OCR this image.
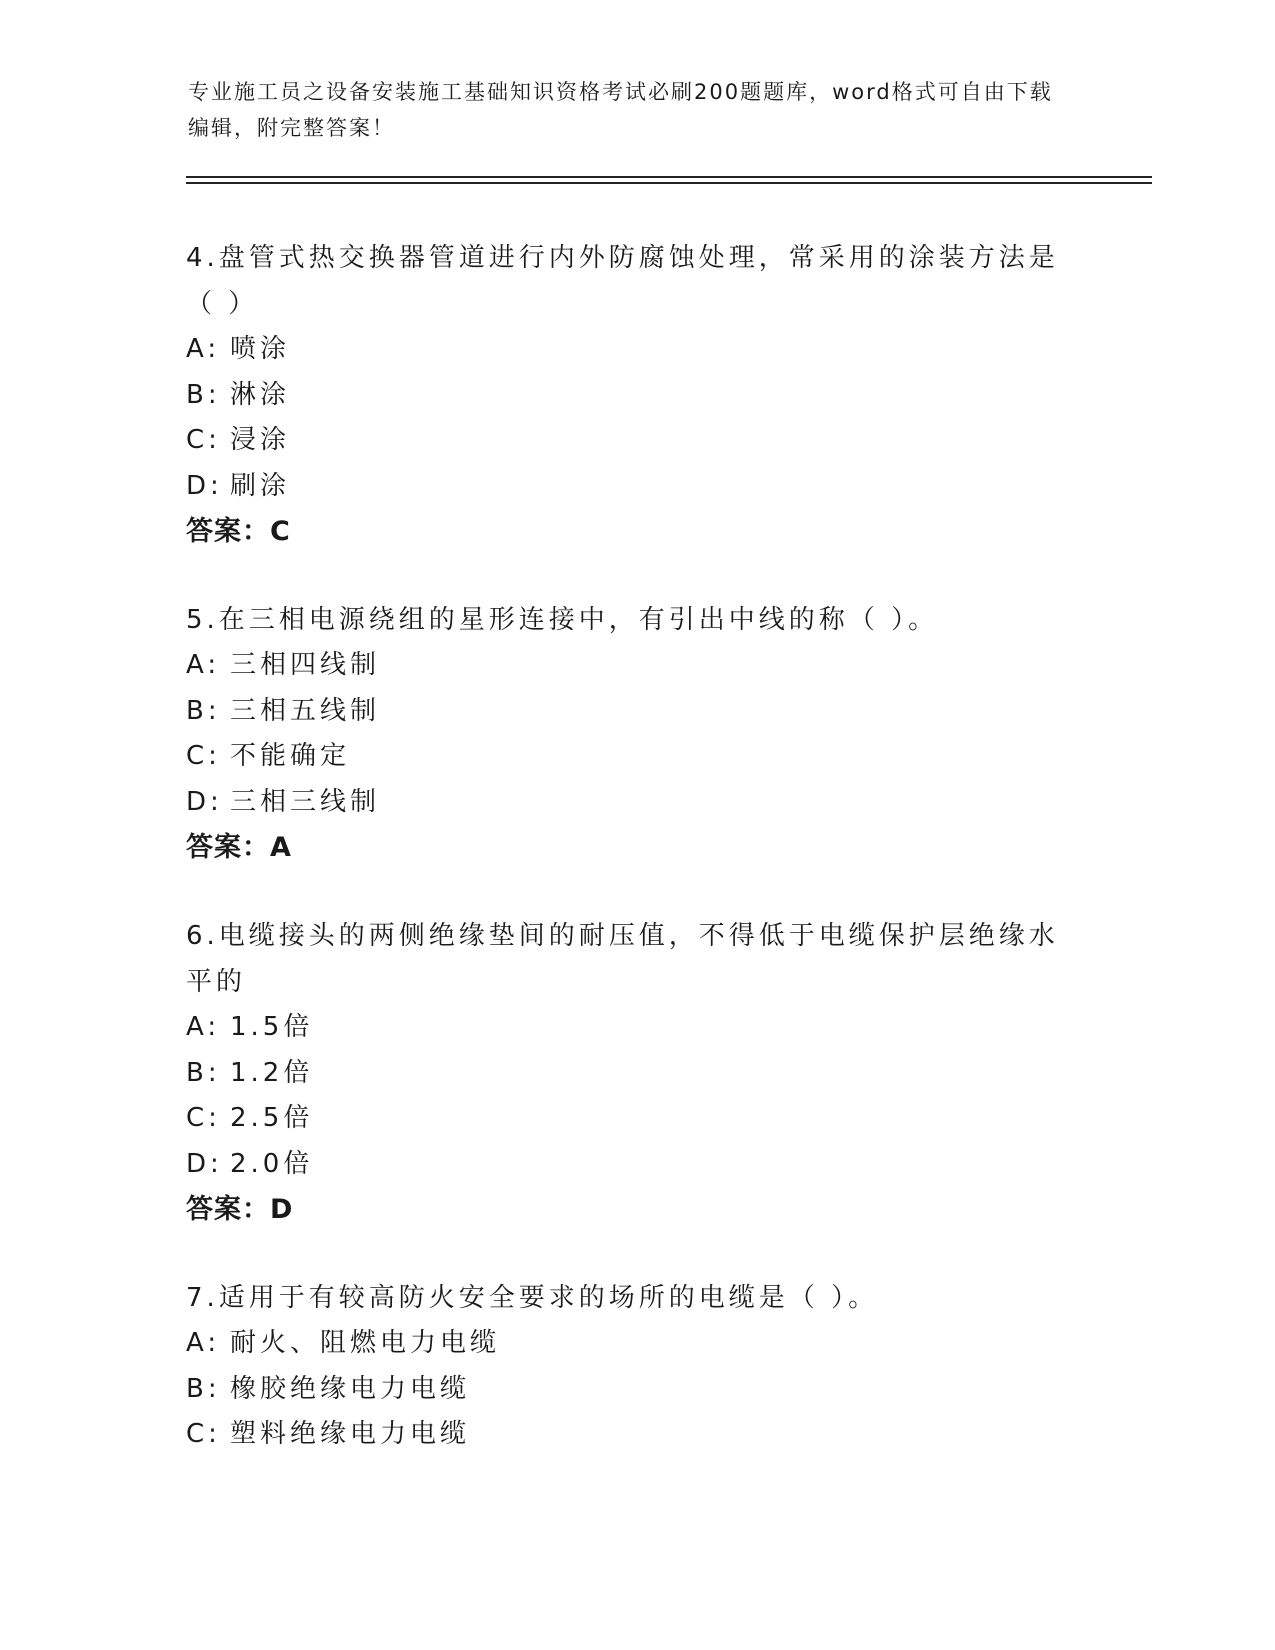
专业施工员之设备安装施工基础知识资格考试必刷200题题库，word格式可自由下载编辑，附完整答案！

4.盘管式热交换器管道进行内外防腐蚀处理，常采用的涂装方法是（ ）

A: 喷涂

B: 淋涂

C: 浸涂

D: 刷涂

答案：C

5.在三相电源绕组的星形连接中，有引出中线的称（ ）。

A: 三相四线制

B: 三相五线制

C: 不能确定

D: 三相三线制

答案：A

6.电缆接头的两侧绝缘垫间的耐压值，不得低于电缆保护层绝缘水平的

A: 1.5倍

B: 1.2倍

C: 2.5倍

D: 2.0倍

答案：D

7.适用于有较高防火安全要求的场所的电缆是（ ）。

A: 耐火、阻燃电力电缆

B: 橡胶绝缘电力电缆

C: 塑料绝缘电力电缆
